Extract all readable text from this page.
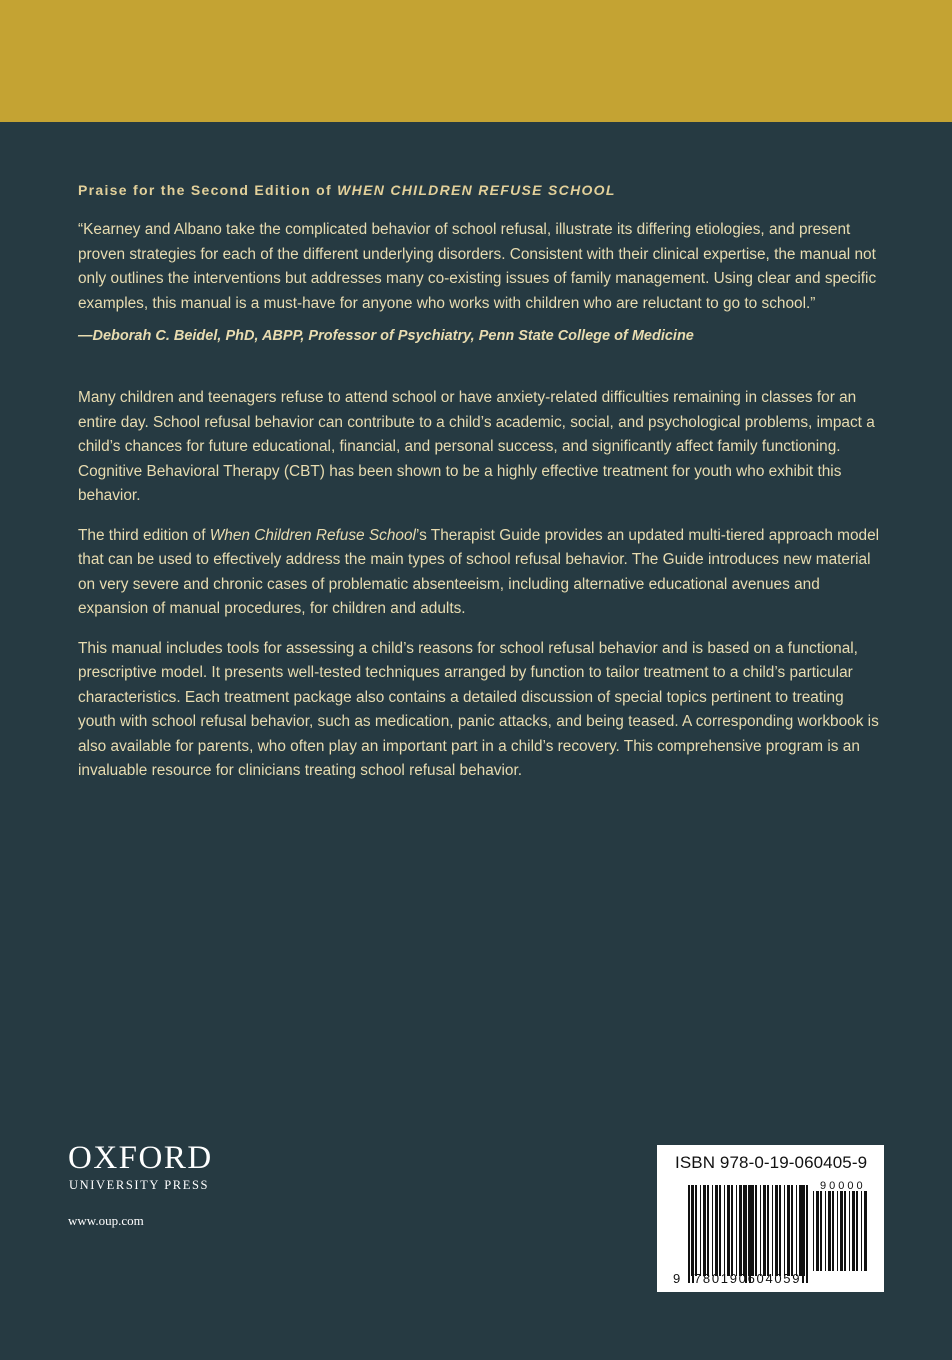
Praise for the Second Edition of WHEN CHILDREN REFUSE SCHOOL

“Kearney and Albano take the complicated behavior of school refusal, illustrate its differing etiologies, and present proven strategies for each of the different underlying disorders. Consistent with their clinical expertise, the manual not only outlines the interventions but addresses many co-existing issues of family management. Using clear and specific examples, this manual is a must-have for anyone who works with children who are reluctant to go to school.”

—Deborah C. Beidel, PhD, ABPP, Professor of Psychiatry, Penn State College of Medicine

Many children and teenagers refuse to attend school or have anxiety-related difficulties remaining in classes for an entire day. School refusal behavior can contribute to a child’s academic, social, and psychological problems, impact a child’s chances for future educational, financial, and personal success, and significantly affect family functioning. Cognitive Behavioral Therapy (CBT) has been shown to be a highly effective treatment for youth who exhibit this behavior.

The third edition of When Children Refuse School’s Therapist Guide provides an updated multi-tiered approach model that can be used to effectively address the main types of school refusal behavior. The Guide introduces new material on very severe and chronic cases of problematic absenteeism, including alternative educational avenues and expansion of manual procedures, for children and adults.

This manual includes tools for assessing a child’s reasons for school refusal behavior and is based on a functional, prescriptive model. It presents well-tested techniques arranged by function to tailor treatment to a child’s particular characteristics. Each treatment package also contains a detailed discussion of special topics pertinent to treating youth with school refusal behavior, such as medication, panic attacks, and being teased. A corresponding workbook is also available for parents, who often play an important part in a child’s recovery. This comprehensive program is an invaluable resource for clinicians treating school refusal behavior.

OXFORD

UNIVERSITY PRESS

www.oup.com

ISBN 978-0-19-060405-9
90000
9 780190604059
